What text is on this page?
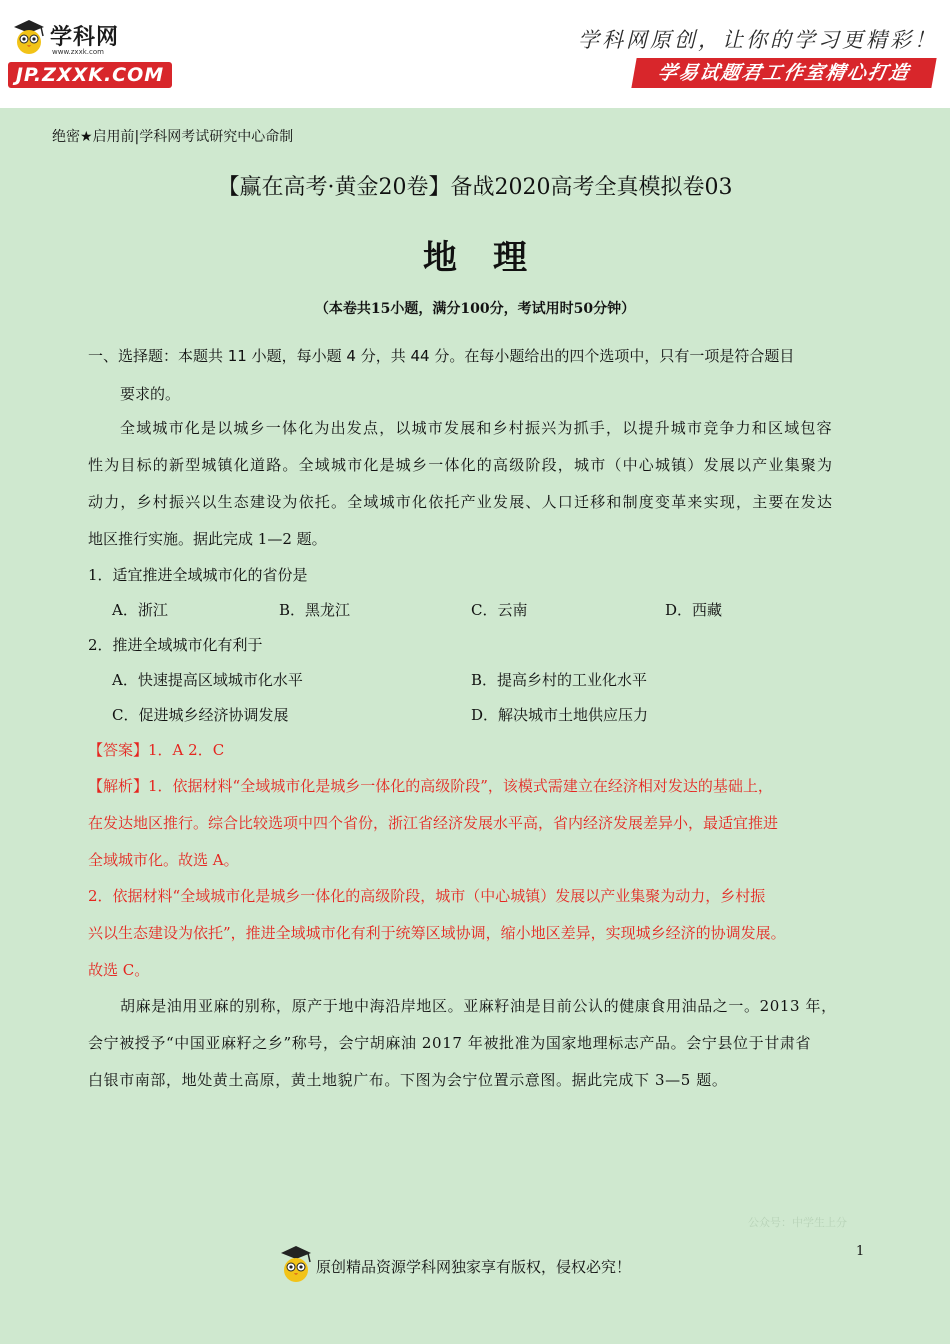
学科网
www.zxxk.com
JP.ZXXK.COM
学科网原创，让你的学习更精彩！
学易试题君工作室精心打造
绝密★启用前|学科网考试研究中心命制
【赢在高考·黄金20卷】备战2020高考全真模拟卷03
地理
（本卷共15小题，满分100分，考试用时50分钟）
一、选择题：本题共 11 小题，每小题 4 分，共 44 分。在每小题给出的四个选项中，只有一项是符合题目
要求的。
全域城市化是以城乡一体化为出发点，以城市发展和乡村振兴为抓手，以提升城市竞争力和区域包容
性为目标的新型城镇化道路。全域城市化是城乡一体化的高级阶段，城市（中心城镇）发展以产业集聚为
动力，乡村振兴以生态建设为依托。全域城市化依托产业发展、人口迁移和制度变革来实现，主要在发达
地区推行实施。据此完成 1—2 题。
1．适宜推进全域城市化的省份是
A．浙江	B．黑龙江	C．云南	D．西藏
2．推进全域城市化有利于
A．快速提高区域城市化水平	B．提高乡村的工业化水平
C．促进城乡经济协调发展	D．解决城市土地供应压力
【答案】1．A 2．C
【解析】1．依据材料“全域城市化是城乡一体化的高级阶段”，该模式需建立在经济相对发达的基础上，
在发达地区推行。综合比较选项中四个省份，浙江省经济发展水平高，省内经济发展差异小，最适宜推进
全域城市化。故选 A。
2．依据材料“全域城市化是城乡一体化的高级阶段，城市（中心城镇）发展以产业集聚为动力，乡村振
兴以生态建设为依托”，推进全域城市化有利于统筹区域协调，缩小地区差异，实现城乡经济的协调发展。
故选 C。
胡麻是油用亚麻的别称，原产于地中海沿岸地区。亚麻籽油是目前公认的健康食用油品之一。2013 年，
会宁被授予“中国亚麻籽之乡”称号，会宁胡麻油 2017 年被批准为国家地理标志产品。会宁县位于甘肃省
白银市南部，地处黄土高原，黄土地貌广布。下图为会宁位置示意图。据此完成下 3—5 题。
公众号：中学生上分
1
原创精品资源学科网独家享有版权，侵权必究！
